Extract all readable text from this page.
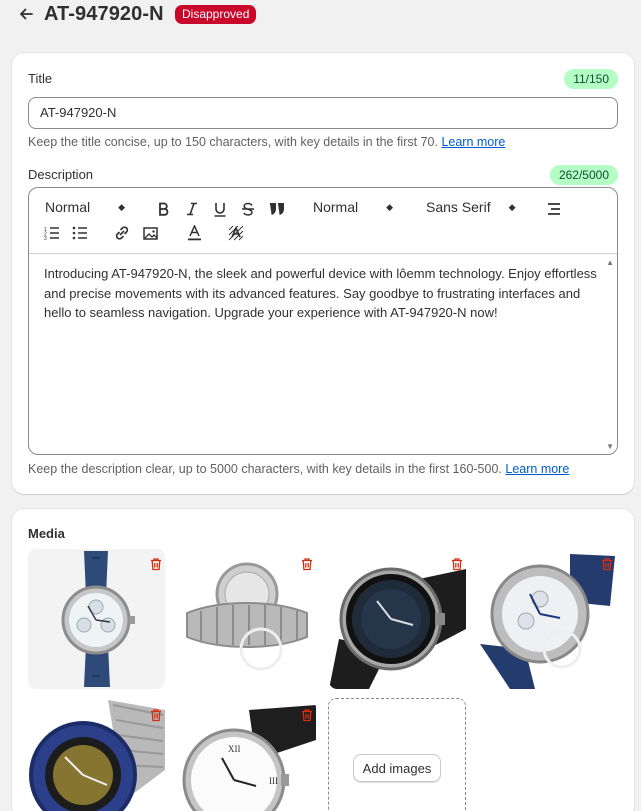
AT-947920-N	Disapproved
Title	11/150
AT-947920-N
Keep the title concise, up to 150 characters, with key details in the first 70. Learn more
Description	262/5000
Normal	◆	Normal	◆ Sans Serif ◆
1
2
3
Introducing AT-947920-N, the sleek and powerful device with lôemm technology. Enjoy effortless and precise movements with its advanced features. Say goodbye to frustrating interfaces and hello to seamless navigation. Upgrade your experience with AT-947920-N now!
▲
▼
Keep the description clear, up to 5000 characters, with key details in the first 160-500. Learn more
Media
XII
III
Add images
